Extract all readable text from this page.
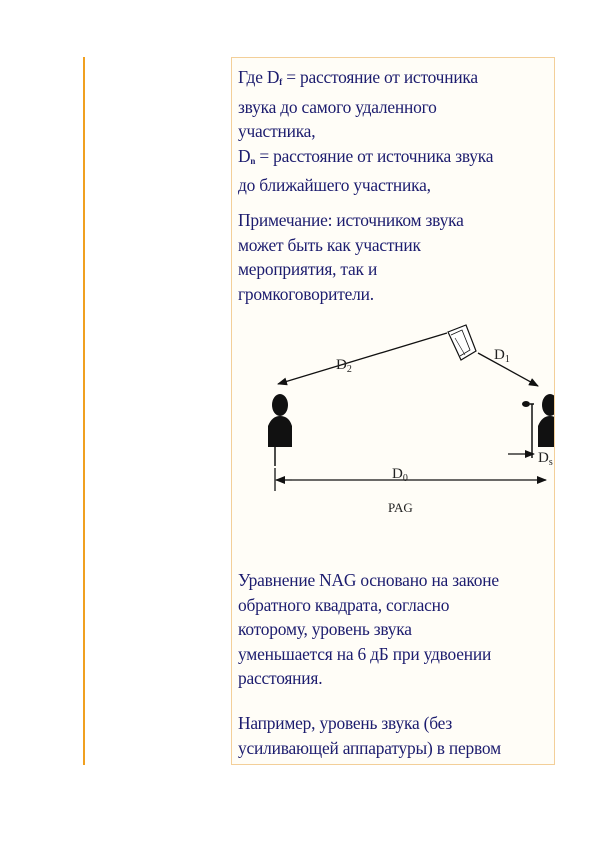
Где $D_f$ = расстояние от источника

звука до самого удаленного

участника,

$D_n$ = расстояние от источника звука

до ближайшего участника,

Примечание: источником звука

может быть как участник

мероприятия, так и

громкоговорители.

$D_2$
$D_1$
$D_s$
$D_0$
PAG

Уравнение NAG основано на законе

обратного квадрата, согласно

которому, уровень звука

уменьшается на 6 дБ при удвоении

расстояния.

Например, уровень звука (без

усиливающей аппаратуры) в первом
